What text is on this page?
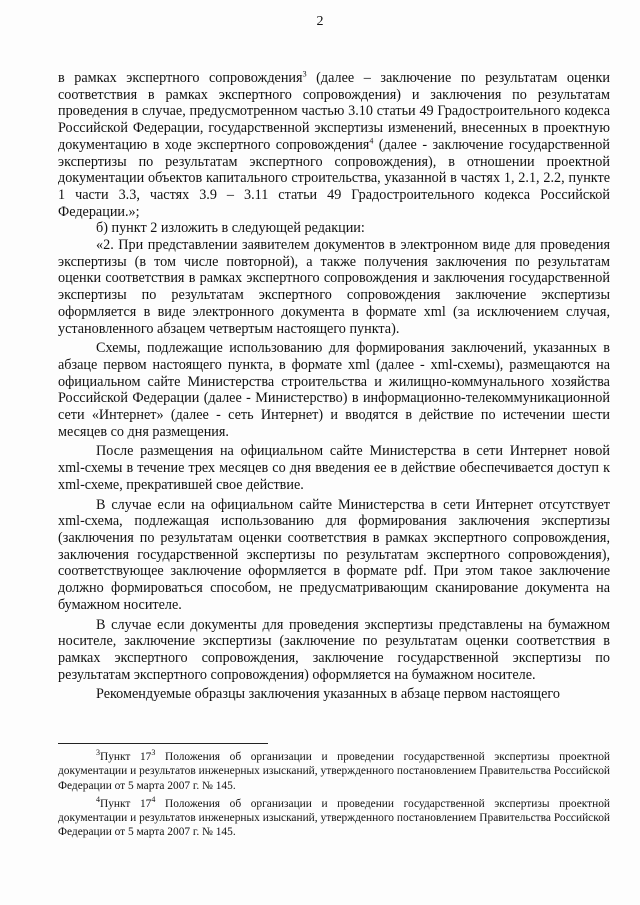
2

в рамках экспертного сопровождения$^3$ (далее – заключение по результатам оценки соответствия в рамках экспертного сопровождения) и заключения по результатам проведения в случае, предусмотренном частью 3.10 статьи 49 Градостроительного кодекса Российской Федерации, государственной экспертизы изменений, внесенных в проектную документацию в ходе экспертного сопровождения$^4$ (далее - заключение государственной экспертизы по результатам экспертного сопровождения), в отношении проектной документации объектов капитального строительства, указанной в частях 1, 2.1, 2.2, пункте 1 части 3.3, частях 3.9 – 3.11 статьи 49 Градостроительного кодекса Российской Федерации.»;

б) пункт 2 изложить в следующей редакции:

«2. При представлении заявителем документов в электронном виде для проведения экспертизы (в том числе повторной), а также получения заключения по результатам оценки соответствия в рамках экспертного сопровождения и заключения государственной экспертизы по результатам экспертного сопровождения заключение экспертизы оформляется в виде электронного документа в формате xml (за исключением случая, установленного абзацем четвертым настоящего пункта).

Схемы, подлежащие использованию для формирования заключений, указанных в абзаце первом настоящего пункта, в формате xml (далее - xml-схемы), размещаются на официальном сайте Министерства строительства и жилищно-коммунального хозяйства Российской Федерации (далее - Министерство) в информационно-телекоммуникационной сети «Интернет» (далее - сеть Интернет) и вводятся в действие по истечении шести месяцев со дня размещения.

После размещения на официальном сайте Министерства в сети Интернет новой xml-схемы в течение трех месяцев со дня введения ее в действие обеспечивается доступ к xml-схеме, прекратившей свое действие.

В случае если на официальном сайте Министерства в сети Интернет отсутствует xml-схема, подлежащая использованию для формирования заключения экспертизы (заключения по результатам оценки соответствия в рамках экспертного сопровождения, заключения государственной экспертизы по результатам экспертного сопровождения), соответствующее заключение оформляется в формате pdf. При этом такое заключение должно формироваться способом, не предусматривающим сканирование документа на бумажном носителе.

В случае если документы для проведения экспертизы представлены на бумажном носителе, заключение экспертизы (заключение по результатам оценки соответствия в рамках экспертного сопровождения, заключение государственной экспертизы по результатам экспертного сопровождения) оформляется на бумажном носителе.

Рекомендуемые образцы заключения указанных в абзаце первом настоящего

$^3$Пункт $17^3$ Положения об организации и проведении государственной экспертизы проектной документации и результатов инженерных изысканий, утвержденного постановлением Правительства Российской Федерации от 5 марта 2007 г. № 145.

$^4$Пункт $17^4$ Положения об организации и проведении государственной экспертизы проектной документации и результатов инженерных изысканий, утвержденного постановлением Правительства Российской Федерации от 5 марта 2007 г. № 145.
